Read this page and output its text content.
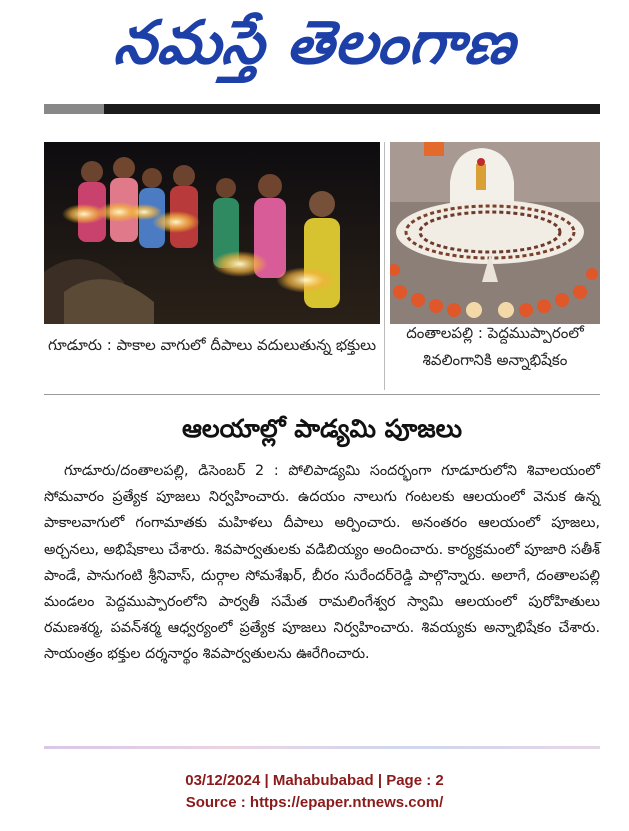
నమస్తే తెలంగాణ
గూడూరు : పాకాల వాగులో దీపాలు వదులుతున్న భక్తులు
దంతాలపల్లి : పెద్దముప్పారంలో శివలింగానికి అన్నాభిషేకం
ఆలయాల్లో పాడ్యమి పూజలు
గూడూరు/దంతాలపల్లి, డిసెంబర్ 2 : పోలిపాడ్యమి సందర్భంగా గూడూరులోని శివాలయంలో సోమవారం ప్రత్యేక పూజలు నిర్వహించారు. ఉదయం నాలుగు గంటలకు ఆలయంలో వెనుక ఉన్న పాకాలవాగులో గంగామాతకు మహిళలు దీపాలు అర్పించారు. అనంతరం ఆలయంలో పూజలు, అర్చనలు, అభిషేకాలు చేశారు. శివపార్వతులకు వడిబియ్యం అందించారు. కార్యక్రమంలో పూజారి సతీశ్ పాండే, పానుగంటి శ్రీనివాస్, దుర్గాల సోమశేఖర్, బీరం సురేందర్‌రెడ్డి పాల్గొన్నారు. అలాగే, దంతాలపల్లి మండలం పెద్దముప్పారంలోని పార్వతీ సమేత రామలింగేశ్వర స్వామి ఆలయంలో పురోహితులు రమణశర్మ, పవన్‌శర్మ ఆధ్వర్యంలో ప్రత్యేక పూజలు నిర్వహించారు. శివయ్యకు అన్నాభిషేకం చేశారు. సాయంత్రం భక్తుల దర్శనార్థం శివపార్వతులను ఊరేగించారు.
03/12/2024 | Mahabubabad | Page : 2
Source : https://epaper.ntnews.com/
